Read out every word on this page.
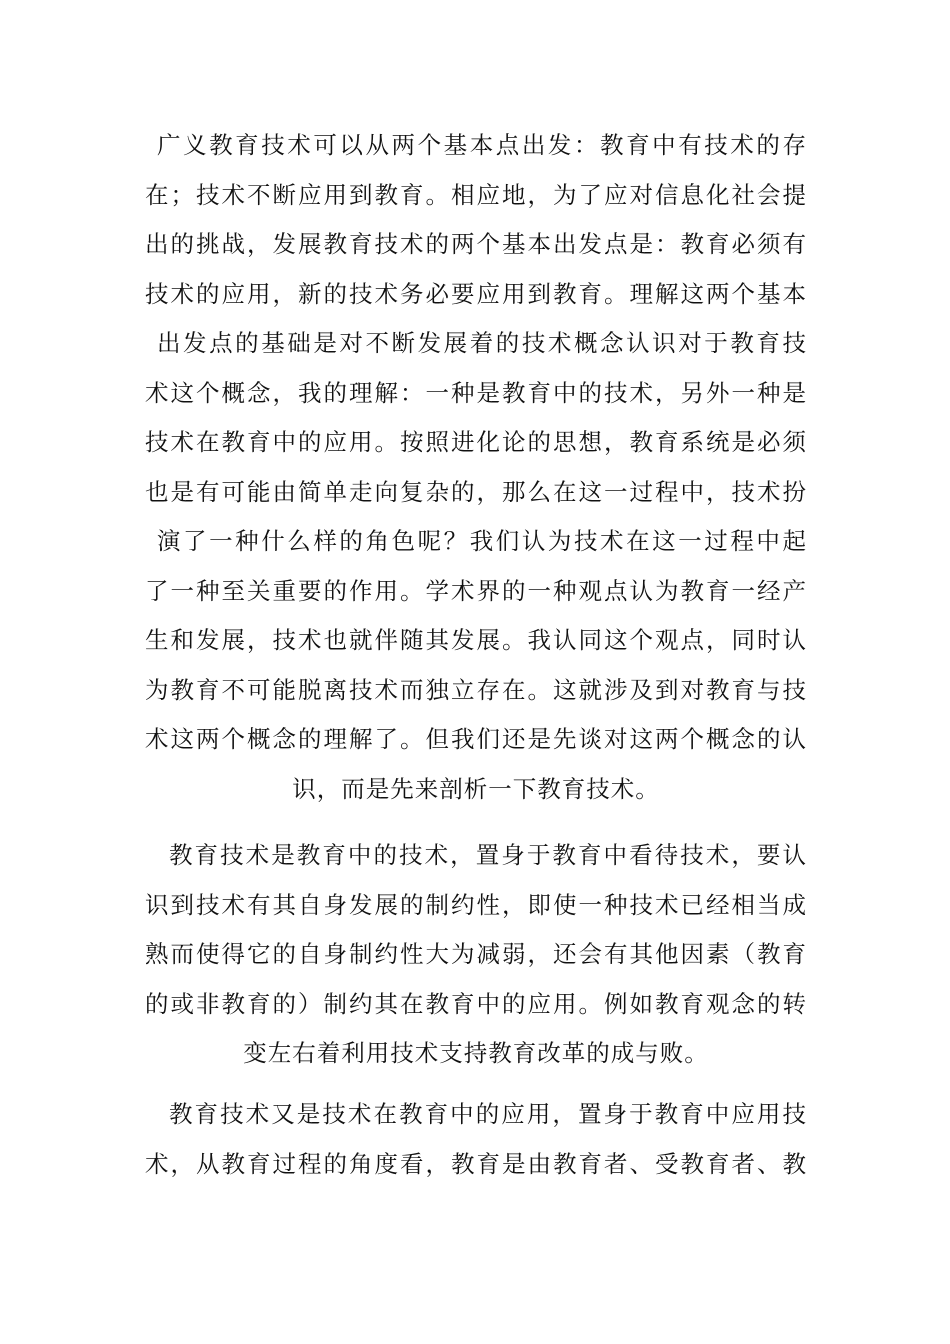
广义教育技术可以从两个基本点出发：教育中有技术的存
在；技术不断应用到教育。相应地，为了应对信息化社会提
出的挑战，发展教育技术的两个基本出发点是：教育必须有
技术的应用，新的技术务必要应用到教育。理解这两个基本
出发点的基础是对不断发展着的技术概念认识对于教育技
术这个概念，我的理解：一种是教育中的技术，另外一种是
技术在教育中的应用。按照进化论的思想，教育系统是必须
也是有可能由简单走向复杂的，那么在这一过程中，技术扮
演了一种什么样的角色呢？我们认为技术在这一过程中起
了一种至关重要的作用。学术界的一种观点认为教育一经产
生和发展，技术也就伴随其发展。我认同这个观点，同时认
为教育不可能脱离技术而独立存在。这就涉及到对教育与技
术这两个概念的理解了。但我们还是先谈对这两个概念的认
识，而是先来剖析一下教育技术。
教育技术是教育中的技术，置身于教育中看待技术，要认
识到技术有其自身发展的制约性，即使一种技术已经相当成
熟而使得它的自身制约性大为减弱，还会有其他因素（教育
的或非教育的）制约其在教育中的应用。例如教育观念的转
变左右着利用技术支持教育改革的成与败。
教育技术又是技术在教育中的应用，置身于教育中应用技
术，从教育过程的角度看，教育是由教育者、受教育者、教
